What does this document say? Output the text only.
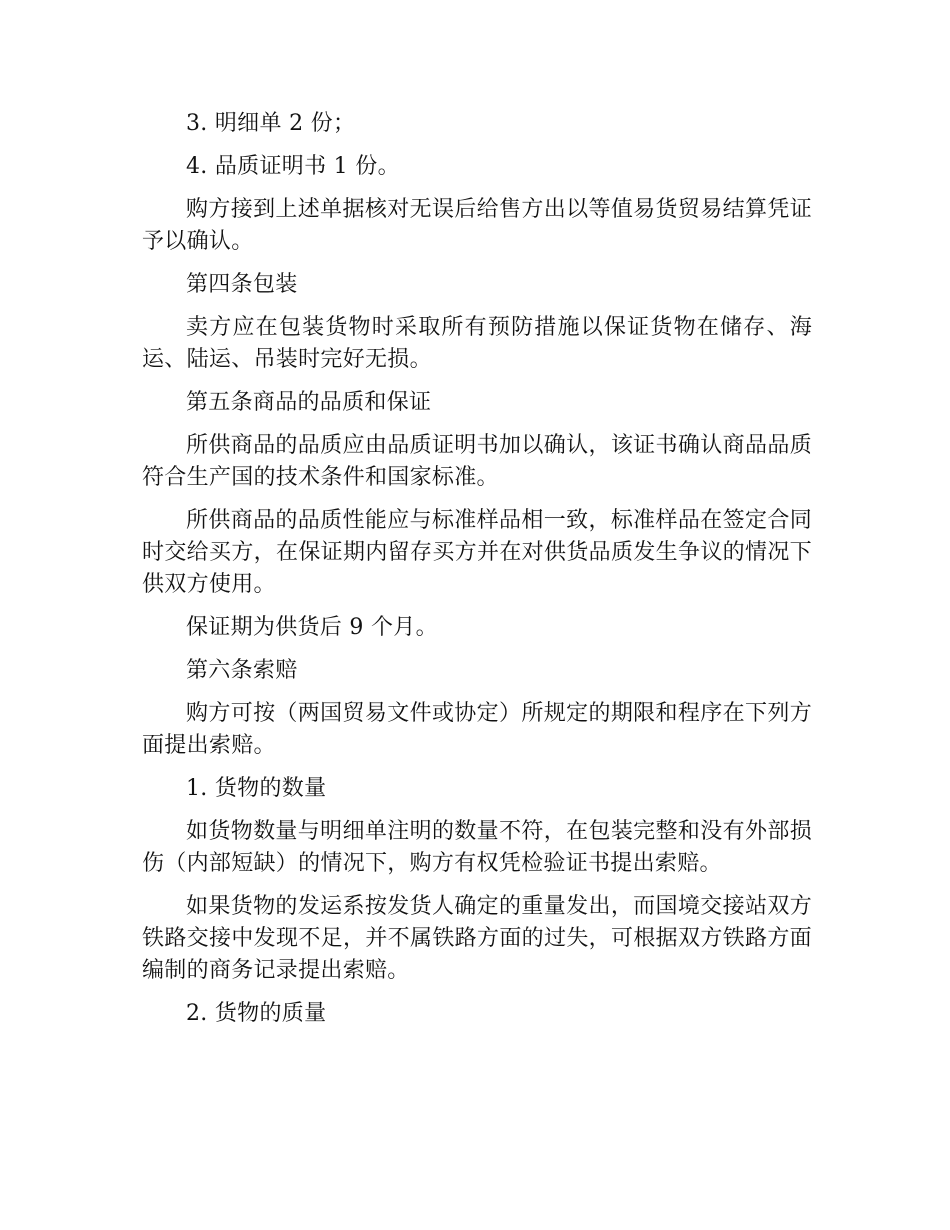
3. 明细单 2 份；

4. 品质证明书 1 份。

购方接到上述单据核对无误后给售方出以等值易货贸易结算凭证予以确认。

第四条包装

卖方应在包装货物时采取所有预防措施以保证货物在储存、海运、陆运、吊装时完好无损。

第五条商品的品质和保证

所供商品的品质应由品质证明书加以确认，该证书确认商品品质符合生产国的技术条件和国家标准。

所供商品的品质性能应与标准样品相一致，标准样品在签定合同时交给买方，在保证期内留存买方并在对供货品质发生争议的情况下供双方使用。

保证期为供货后 9 个月。

第六条索赔

购方可按（两国贸易文件或协定）所规定的期限和程序在下列方面提出索赔。

1. 货物的数量

如货物数量与明细单注明的数量不符，在包装完整和没有外部损伤（内部短缺）的情况下，购方有权凭检验证书提出索赔。

如果货物的发运系按发货人确定的重量发出，而国境交接站双方铁路交接中发现不足，并不属铁路方面的过失，可根据双方铁路方面编制的商务记录提出索赔。

2. 货物的质量
